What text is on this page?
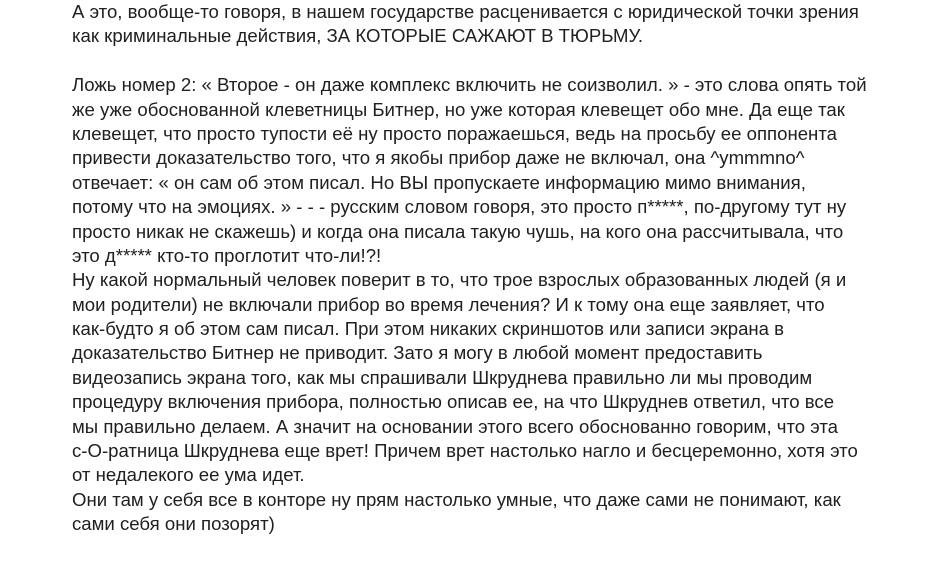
А это, вообще-то говоря, в нашем государстве расценивается с юридической точки зрения
как криминальные действия, ЗА КОТОРЫЕ САЖАЮТ В ТЮРЬМУ.
Ложь номер 2: « Второе - он даже комплекс включить не соизволил. » - это слова опять той
же уже обоснованной клеветницы Битнер, но уже которая клевещет обо мне. Да еще так
клевещет, что просто тупости её ну просто поражаешься, ведь на просьбу ее оппонента
привести доказательство того, что я якобы прибор даже не включал, она ^ymmmno^
отвечает: « он сам об этом писал. Но ВЫ пропускаете информацию мимо внимания,
потому что на эмоциях. » - - - русским словом говоря, это просто п*****, по-другому тут ну
просто никак не скажешь) и когда она писала такую чушь, на кого она рассчитывала, что
это д***** кто-то проглотит что-ли!?!
Ну какой нормальный человек поверит в то, что трое взрослых образованных людей (я и
мои родители) не включали прибор во время лечения? И к тому она еще заявляет, что
как-будто я об этом сам писал. При этом никаких скриншотов или записи экрана в
доказательство Битнер не приводит. Зато я могу в любой момент предоставить
видеозапись экрана того, как мы спрашивали Шкруднева правильно ли мы проводим
процедуру включения прибора, полностью описав ее, на что Шкруднев ответил, что все
мы правильно делаем. А значит на основании этого всего обоснованно говорим, что эта
с-О-ратница Шкруднева еще врет! Причем врет настолько нагло и бесцеремонно, хотя это
от недалекого ее ума идет.
Они там у себя все в конторе ну прям настолько умные, что даже сами не понимают, как
сами себя они позорят)
